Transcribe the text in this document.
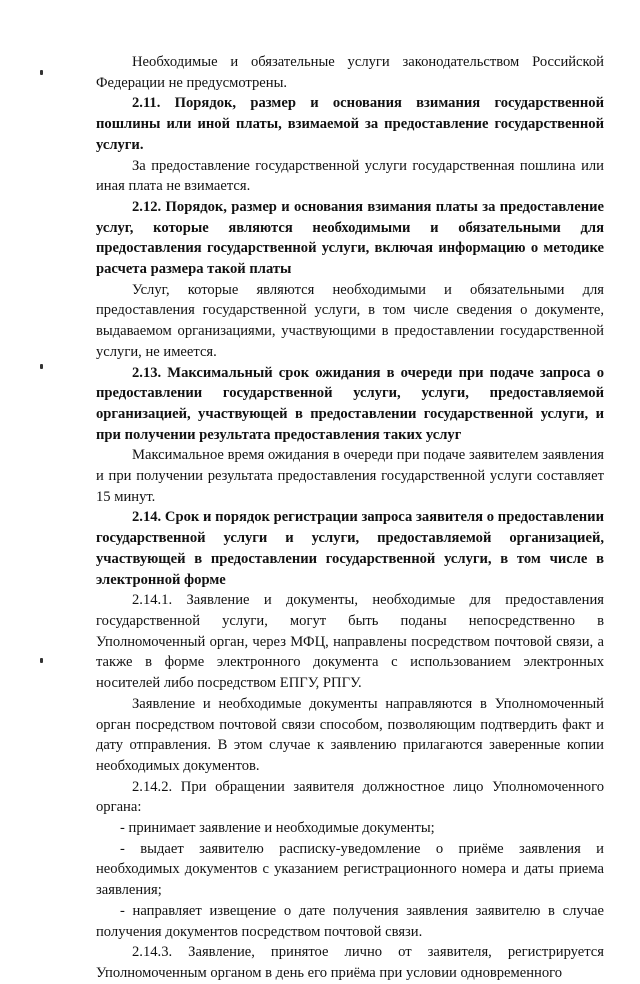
Необходимые и обязательные услуги законодательством Российской Федерации не предусмотрены.

2.11. Порядок, размер и основания взимания государственной пошлины или иной платы, взимаемой за предоставление государственной услуги.

За предоставление государственной услуги государственная пошлина или иная плата не взимается.

2.12. Порядок, размер и основания взимания платы за предоставление услуг, которые являются необходимыми и обязательными для предоставления государственной услуги, включая информацию о методике расчета размера такой платы

Услуг, которые являются необходимыми и обязательными для предоставления государственной услуги, в том числе сведения о документе, выдаваемом организациями, участвующими в предоставлении государственной услуги, не имеется.

2.13. Максимальный срок ожидания в очереди при подаче запроса о предоставлении государственной услуги, услуги, предоставляемой организацией, участвующей в предоставлении государственной услуги, и при получении результата предоставления таких услуг

Максимальное время ожидания в очереди при подаче заявителем заявления и при получении результата предоставления государственной услуги составляет 15 минут.

2.14. Срок и порядок регистрации запроса заявителя о предоставлении государственной услуги и услуги, предоставляемой организацией, участвующей в предоставлении государственной услуги, в том числе в электронной форме

2.14.1. Заявление и документы, необходимые для предоставления государственной услуги, могут быть поданы непосредственно в Уполномоченный орган, через МФЦ, направлены посредством почтовой связи, а также в форме электронного документа с использованием электронных носителей либо посредством ЕПГУ, РПГУ.

Заявление и необходимые документы направляются в Уполномоченный орган посредством почтовой связи способом, позволяющим подтвердить факт и дату отправления. В этом случае к заявлению прилагаются заверенные копии необходимых документов.

2.14.2. При обращении заявителя должностное лицо Уполномоченного органа:

- принимает заявление и необходимые документы;

- выдает заявителю расписку-уведомление о приёме заявления и необходимых документов с указанием регистрационного номера и даты приема заявления;

- направляет извещение о дате получения заявления заявителю в случае получения документов посредством почтовой связи.

2.14.3. Заявление, принятое лично от заявителя, регистрируется Уполномоченным органом в день его приёма при условии одновременного
